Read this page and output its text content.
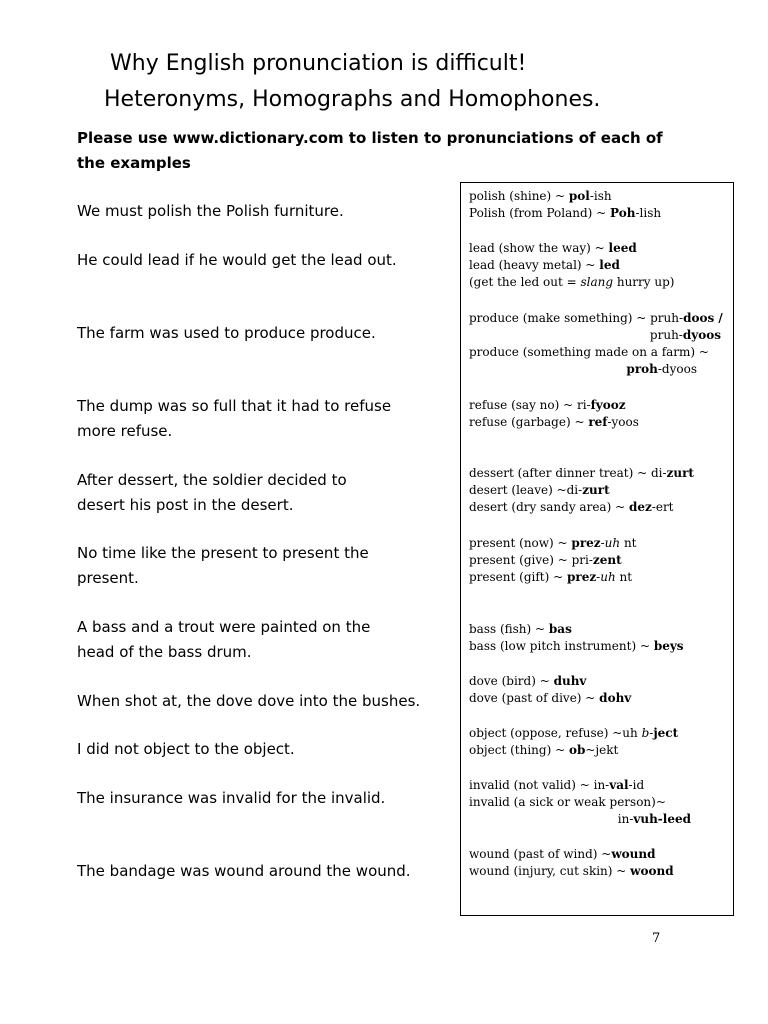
Why English pronunciation is difficult!
Heteronyms, Homographs and Homophones.
Please use www.dictionary.com to listen to pronunciations of each of the examples
We must polish the Polish furniture.
He could lead if he would get the lead out.
The farm was used to produce produce.
The dump was so full that it had to refuse
more refuse.
After dessert, the soldier decided to
desert his post in the desert.
No time like the present to present the
present.
A bass and a trout were painted on the
head of the bass drum.
When shot at, the dove dove into the bushes.
I did not object to the object.
The insurance was invalid for the invalid.
The bandage was wound around the wound.
polish (shine) ~ pol-ish
Polish (from Poland) ~ Poh-lish
lead (show the way) ~ leed
lead (heavy metal) ~ led
(get the led out = slang hurry up)
produce (make something) ~ pruh-doos /
pruh-dyoos
produce (something made on a farm) ~
proh-dyoos
refuse (say no) ~ ri-fyooz
refuse (garbage) ~ ref-yoos
dessert (after dinner treat) ~ di-zurt
desert (leave) ~di-zurt
desert (dry sandy area) ~ dez-ert
present (now) ~ prez-uh nt
present (give) ~ pri-zent
present (gift) ~ prez-uh nt
bass (fish) ~ bas
bass (low pitch instrument) ~ beys
dove (bird) ~ duhv
dove (past of dive) ~ dohv
object (oppose, refuse) ~uh b-ject
object (thing) ~ ob~jekt
invalid (not valid) ~ in-val-id
invalid (a sick or weak person)~
in-vuh-leed
wound (past of wind) ~wound
wound (injury, cut skin) ~ woond
7
